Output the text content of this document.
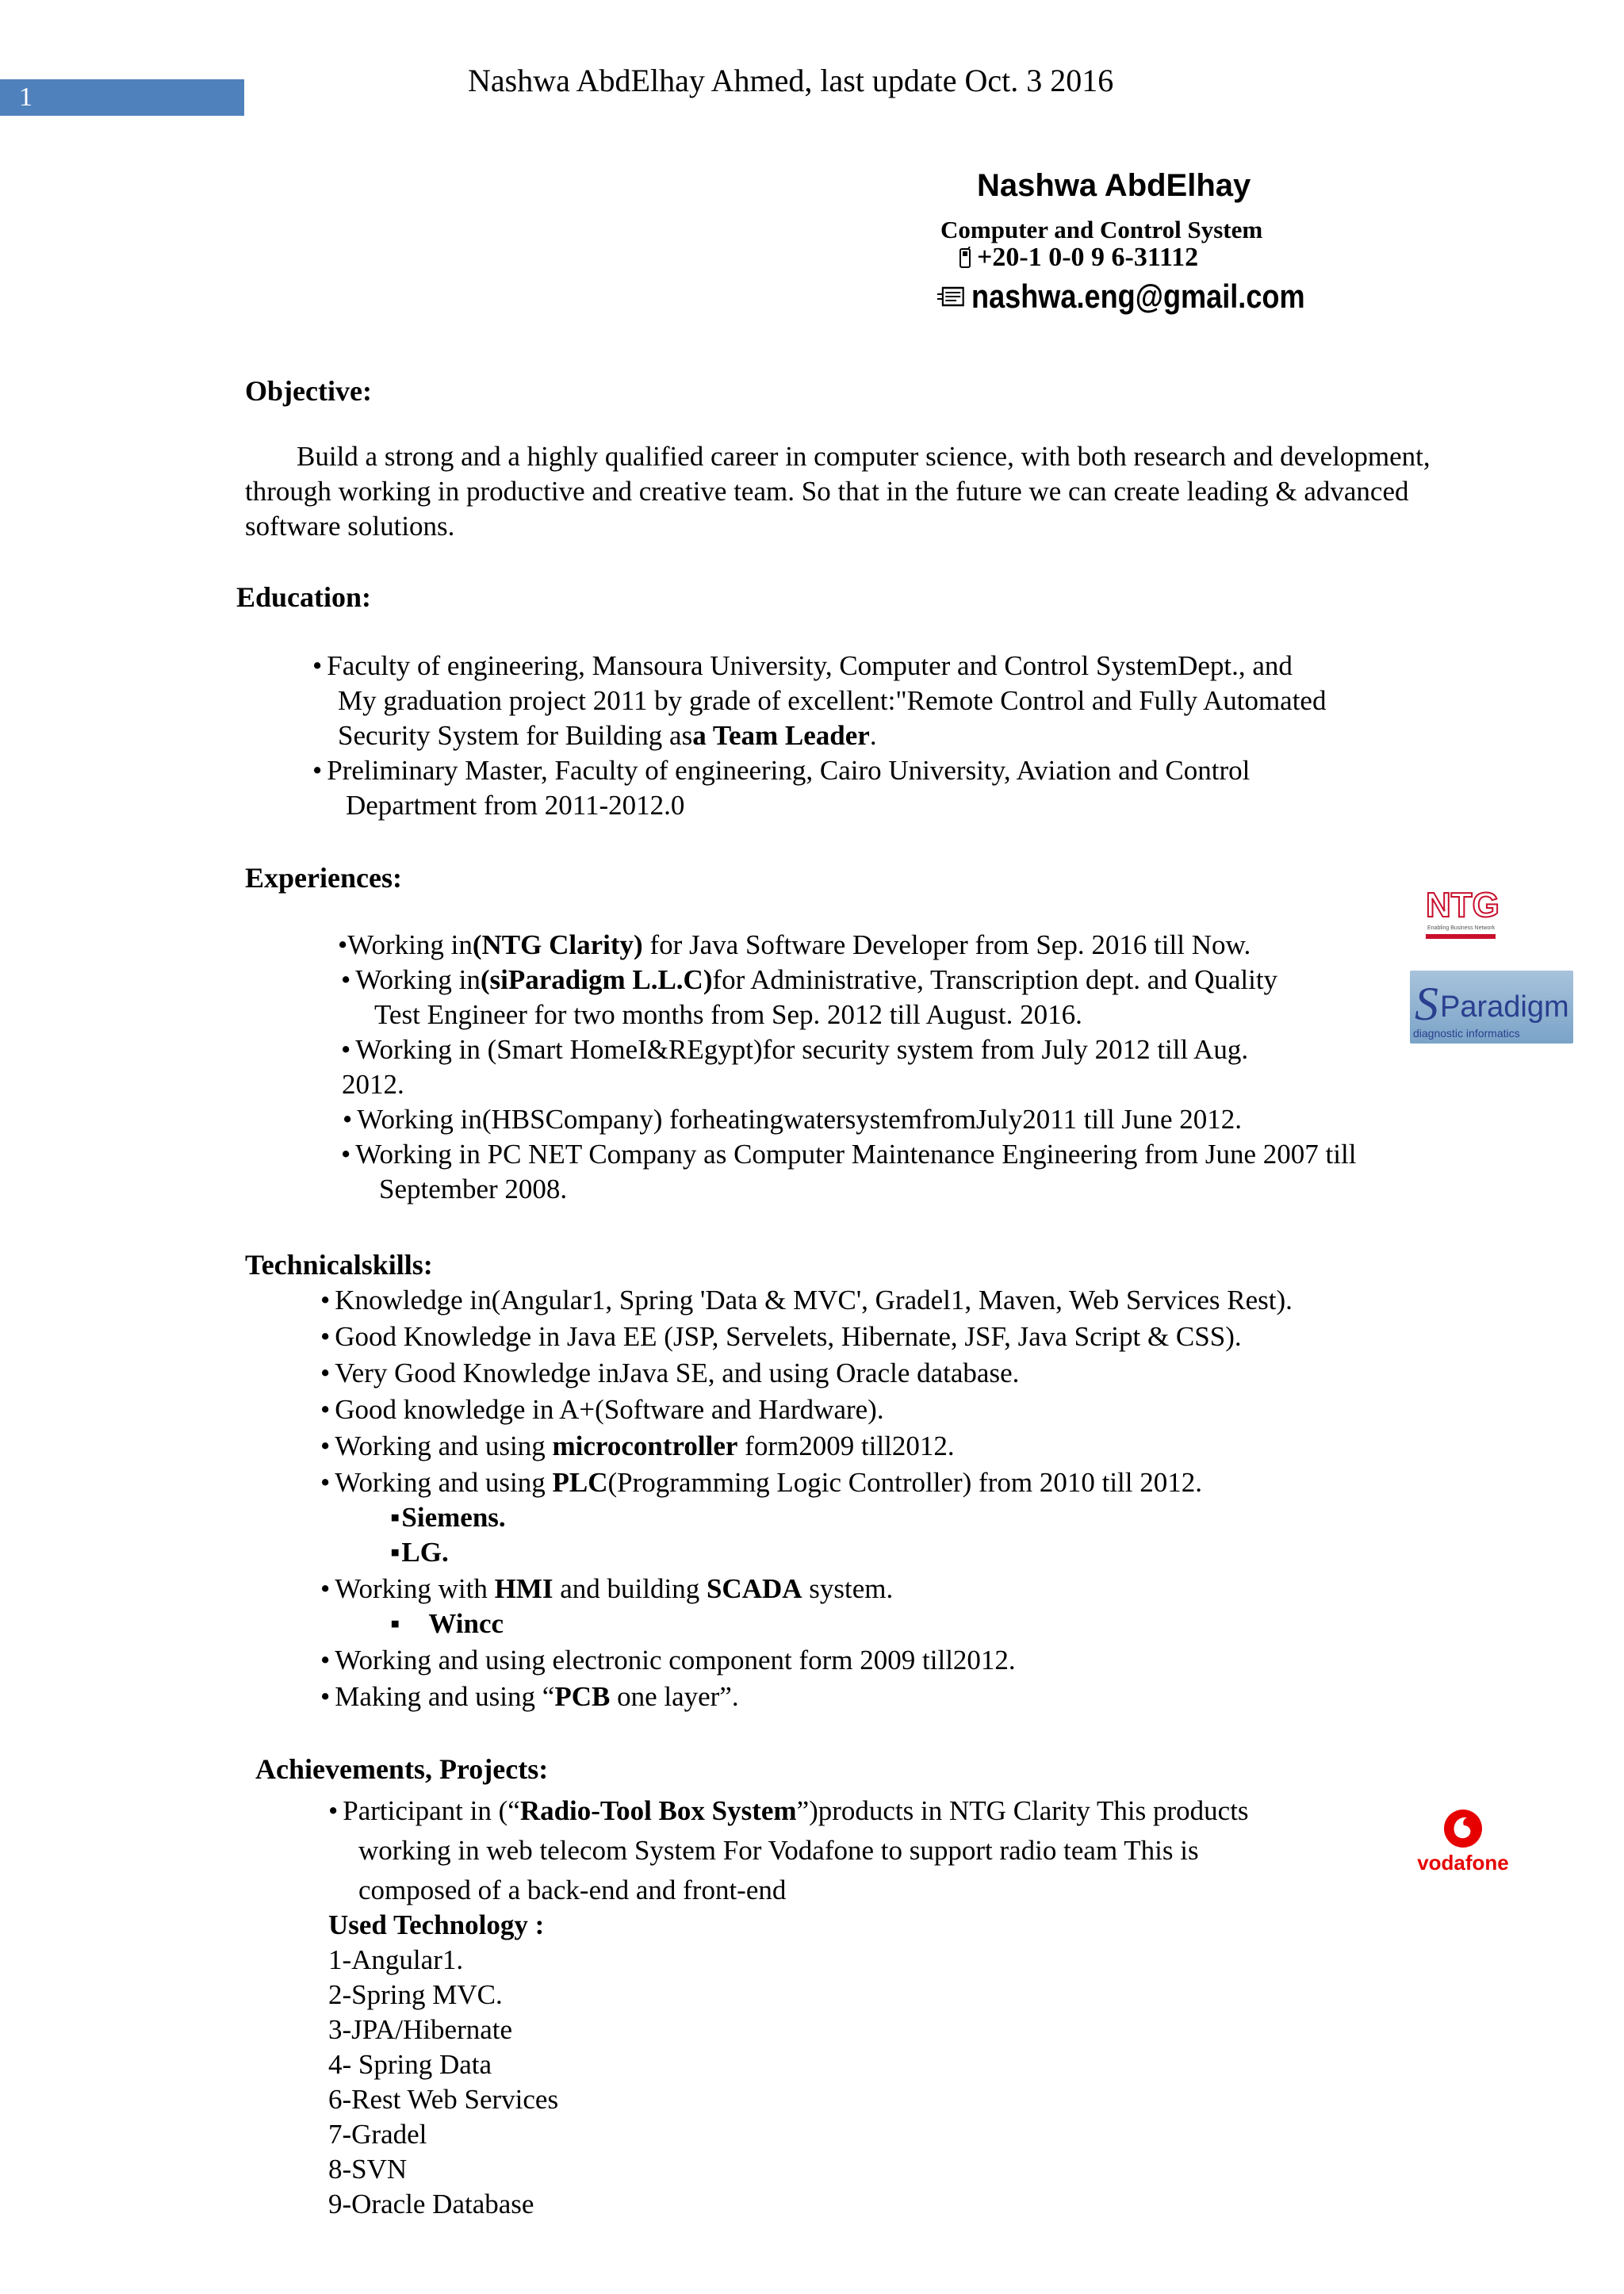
1	Nashwa AbdElhay Ahmed, last update Oct. 3 2016
Nashwa AbdElhay
Computer and Control System
+20-1 0-0 9 6-31112
nashwa.eng@gmail.com
Objective:
Build a strong and a highly qualified career in computer science, with both research and development,
through working in productive and creative team. So that in the future we can create leading & advanced
software solutions.
Education:
• Faculty of engineering, Mansoura University, Computer and Control SystemDept., and
My graduation project 2011 by grade of excellent:"Remote Control and Fully Automated
Security System for Building asa Team Leader.
• Preliminary Master, Faculty of engineering, Cairo University, Aviation and Control
Department from 2011-2012.0
Experiences:
•Working in(NTG Clarity) for Java Software Developer from Sep. 2016 till Now.
• Working in(siParadigm L.L.C)for Administrative, Transcription dept. and Quality
Test Engineer for two months from Sep. 2012 till August. 2016.
• Working in (Smart HomeI&REgypt)for security system from July 2012 till Aug.
2012.
• Working in(HBSCompany) forheatingwatersystemfromJuly2011 till June 2012.
• Working in PC NET Company as Computer Maintenance Engineering from June 2007 till
September 2008.
NTG
Enabling Business Network
S Paradigm
diagnostic informatics
Technicalskills:
• Knowledge in(Angular1, Spring 'Data & MVC', Gradel1, Maven, Web Services Rest).
• Good Knowledge in Java EE (JSP, Servelets, Hibernate, JSF, Java Script & CSS).
• Very Good Knowledge inJava SE, and using Oracle database.
• Good knowledge in A+(Software and Hardware).
• Working and using microcontroller form2009 till2012.
• Working and using PLC(Programming Logic Controller) from 2010 till 2012.
▪ Siemens.
▪ LG.
• Working with HMI and building SCADA system.
▪ Wincc
• Working and using electronic component form 2009 till2012.
• Making and using “PCB one layer”.
Achievements, Projects:
• Participant in (“Radio-Tool Box System”)products in NTG Clarity This products
working in web telecom System For Vodafone to support radio team This is
composed of a back-end and front-end
Used Technology :
1-Angular1.
2-Spring MVC.
3-JPA/Hibernate
4- Spring Data
6-Rest Web Services
7-Gradel
8-SVN
9-Oracle Database
vodafone
